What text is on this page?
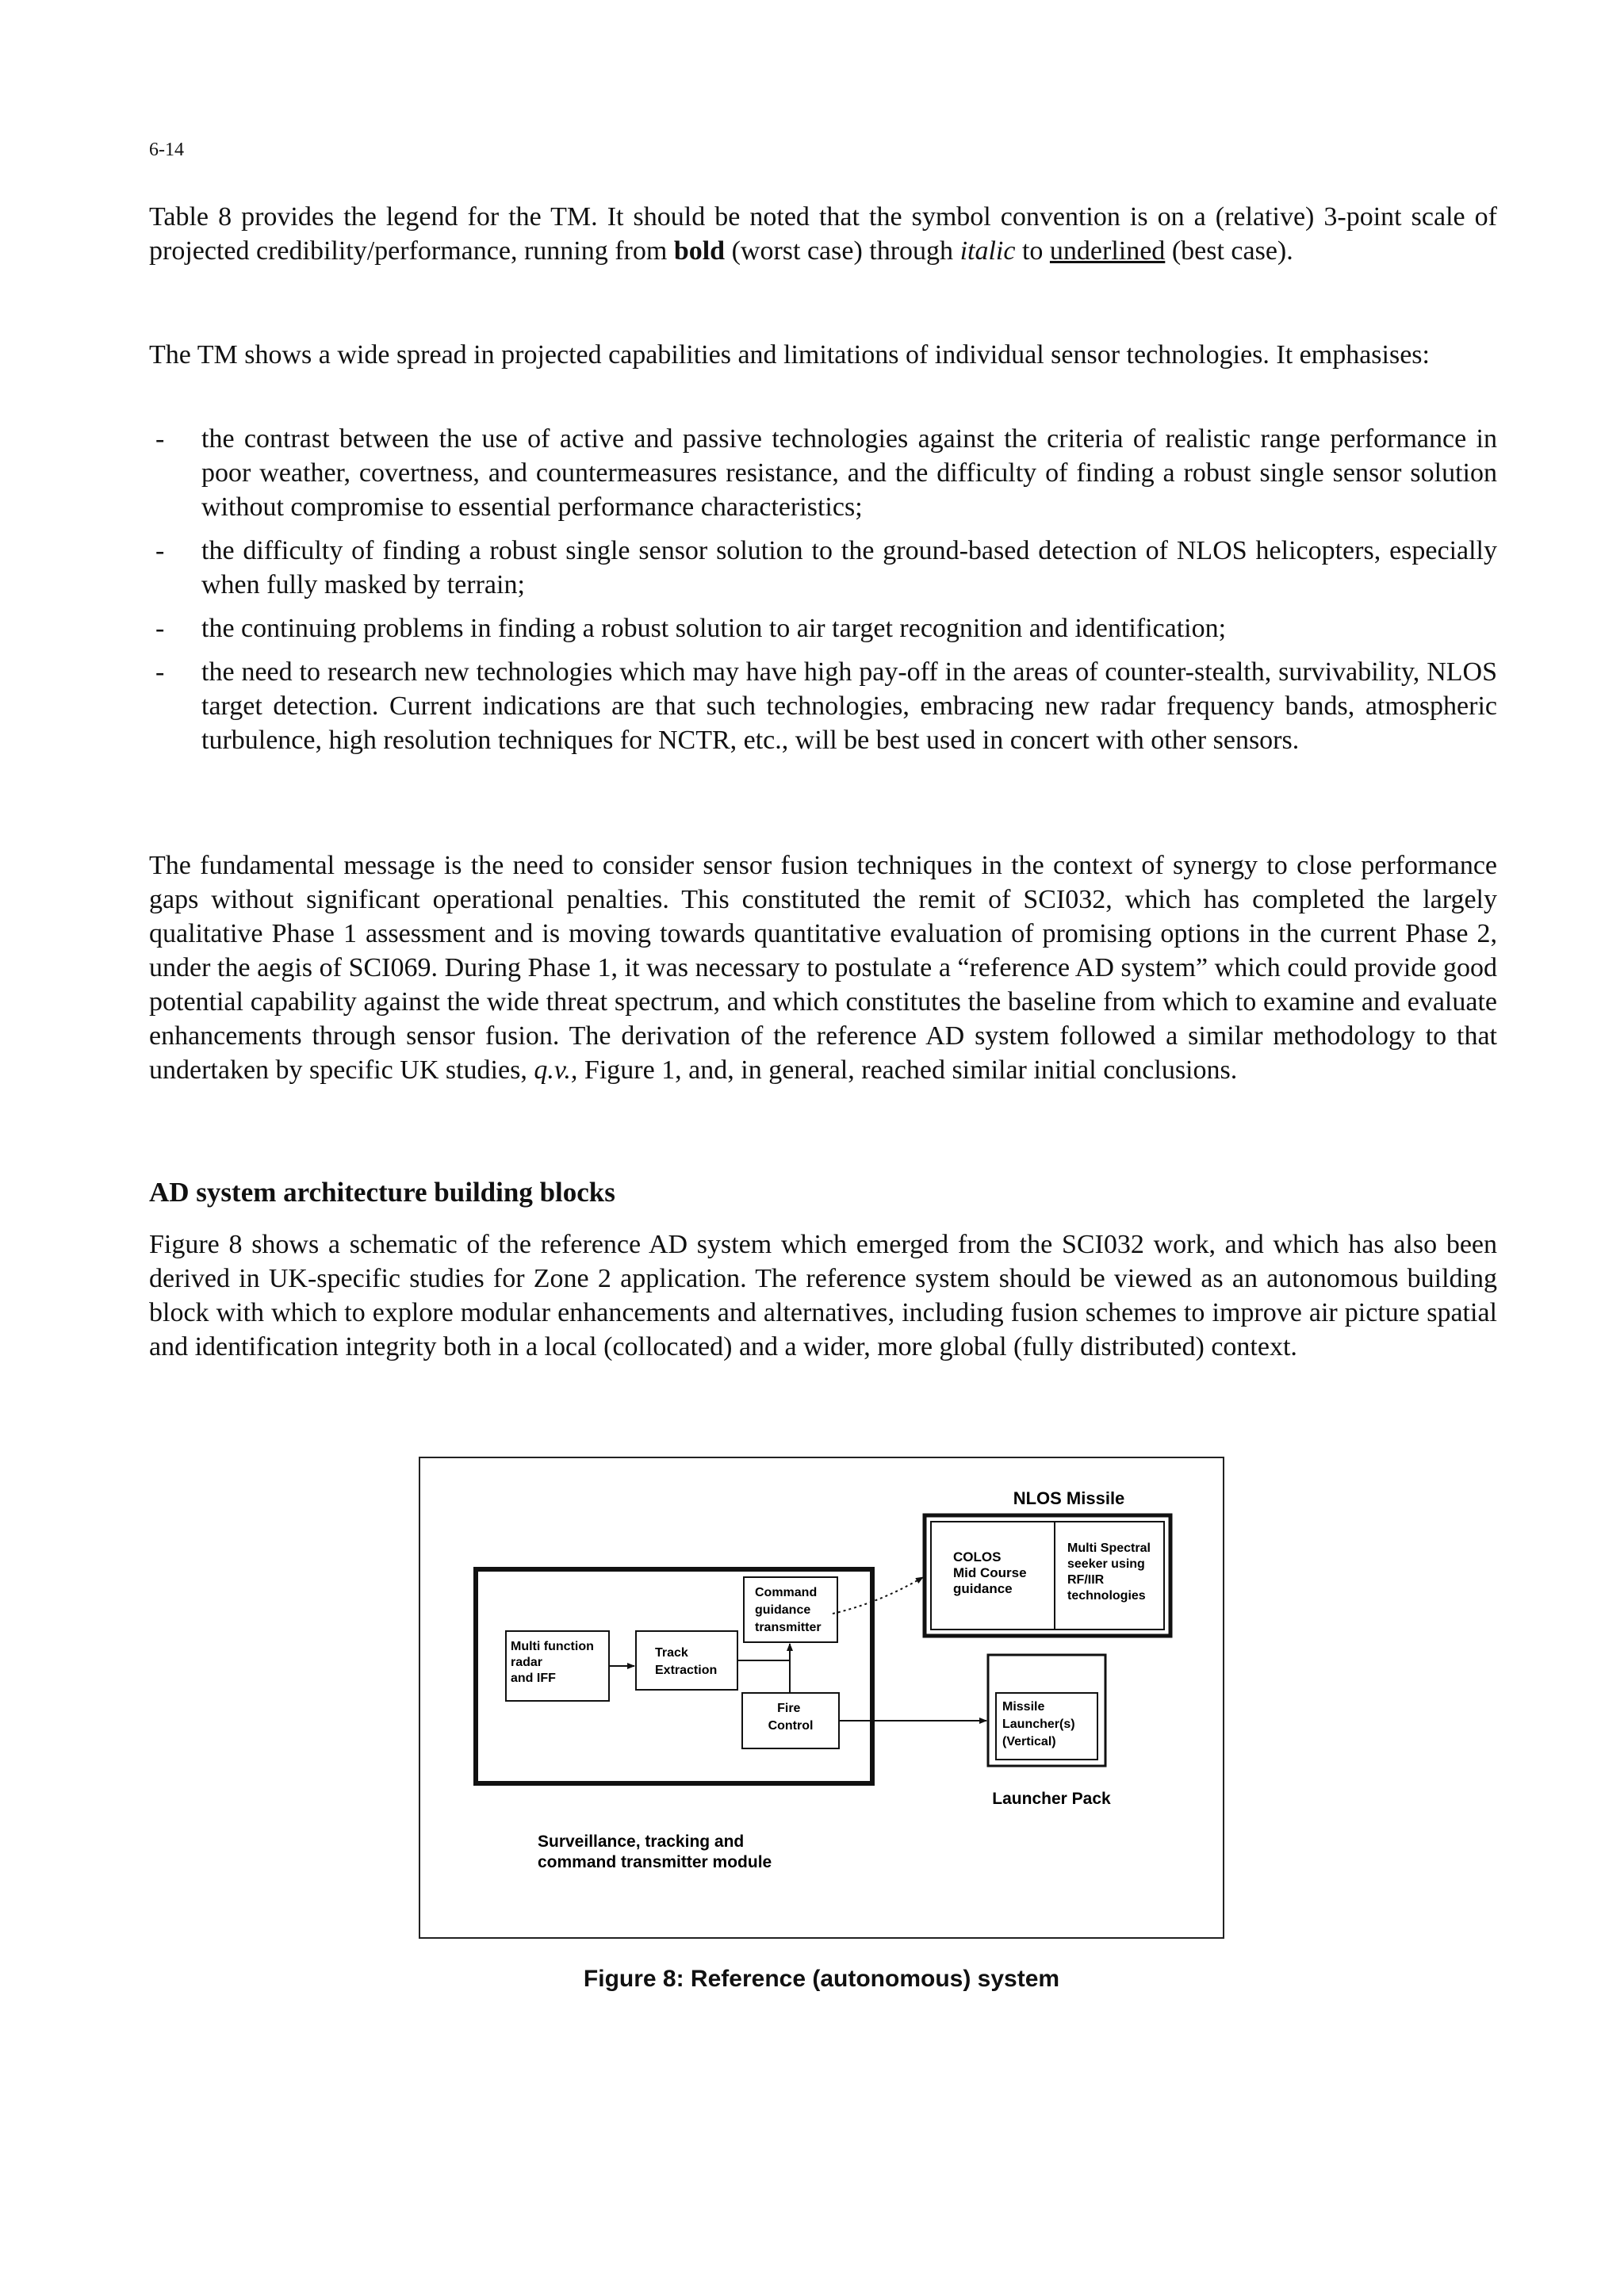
6-14

Table 8 provides the legend for the TM. It should be noted that the symbol convention is on a (relative) 3-point scale of projected credibility/performance, running from bold (worst case) through italic to underlined (best case).

The TM shows a wide spread in projected capabilities and limitations of individual sensor technologies. It emphasises:

- the contrast between the use of active and passive technologies against the criteria of realistic range performance in poor weather, covertness, and countermeasures resistance, and the difficulty of finding a robust single sensor solution without compromise to essential performance characteristics;
- the difficulty of finding a robust single sensor solution to the ground-based detection of NLOS helicopters, especially when fully masked by terrain;
- the continuing problems in finding a robust solution to air target recognition and identification;
- the need to research new technologies which may have high pay-off in the areas of counter-stealth, survivability, NLOS target detection. Current indications are that such technologies, embracing new radar frequency bands, atmospheric turbulence, high resolution techniques for NCTR, etc., will be best used in concert with other sensors.

The fundamental message is the need to consider sensor fusion techniques in the context of synergy to close performance gaps without significant operational penalties. This constituted the remit of SCI032, which has completed the largely qualitative Phase 1 assessment and is moving towards quantitative evaluation of promising options in the current Phase 2, under the aegis of SCI069. During Phase 1, it was necessary to postulate a “reference AD system” which could provide good potential capability against the wide threat spectrum, and which constitutes the baseline from which to examine and evaluate enhancements through sensor fusion. The derivation of the reference AD system followed a similar methodology to that undertaken by specific UK studies, q.v., Figure 1, and, in general, reached similar initial conclusions.

AD system architecture building blocks

Figure 8 shows a schematic of the reference AD system which emerged from the SCI032 work, and which has also been derived in UK-specific studies for Zone 2 application. The reference system should be viewed as an autonomous building block with which to explore modular enhancements and alternatives, including fusion schemes to improve air picture spatial and identification integrity both in a local (collocated) and a wider, more global (fully distributed) context.

NLOS Missile
COLOS Mid Course guidance
Multi Spectral seeker using RF/IIR technologies
Command guidance transmitter
Multi function radar and IFF
Track Extraction
Fire Control
Missile Launcher(s) (Vertical)
Launcher Pack
Surveillance, tracking and command transmitter module
Figure 8: Reference (autonomous) system
